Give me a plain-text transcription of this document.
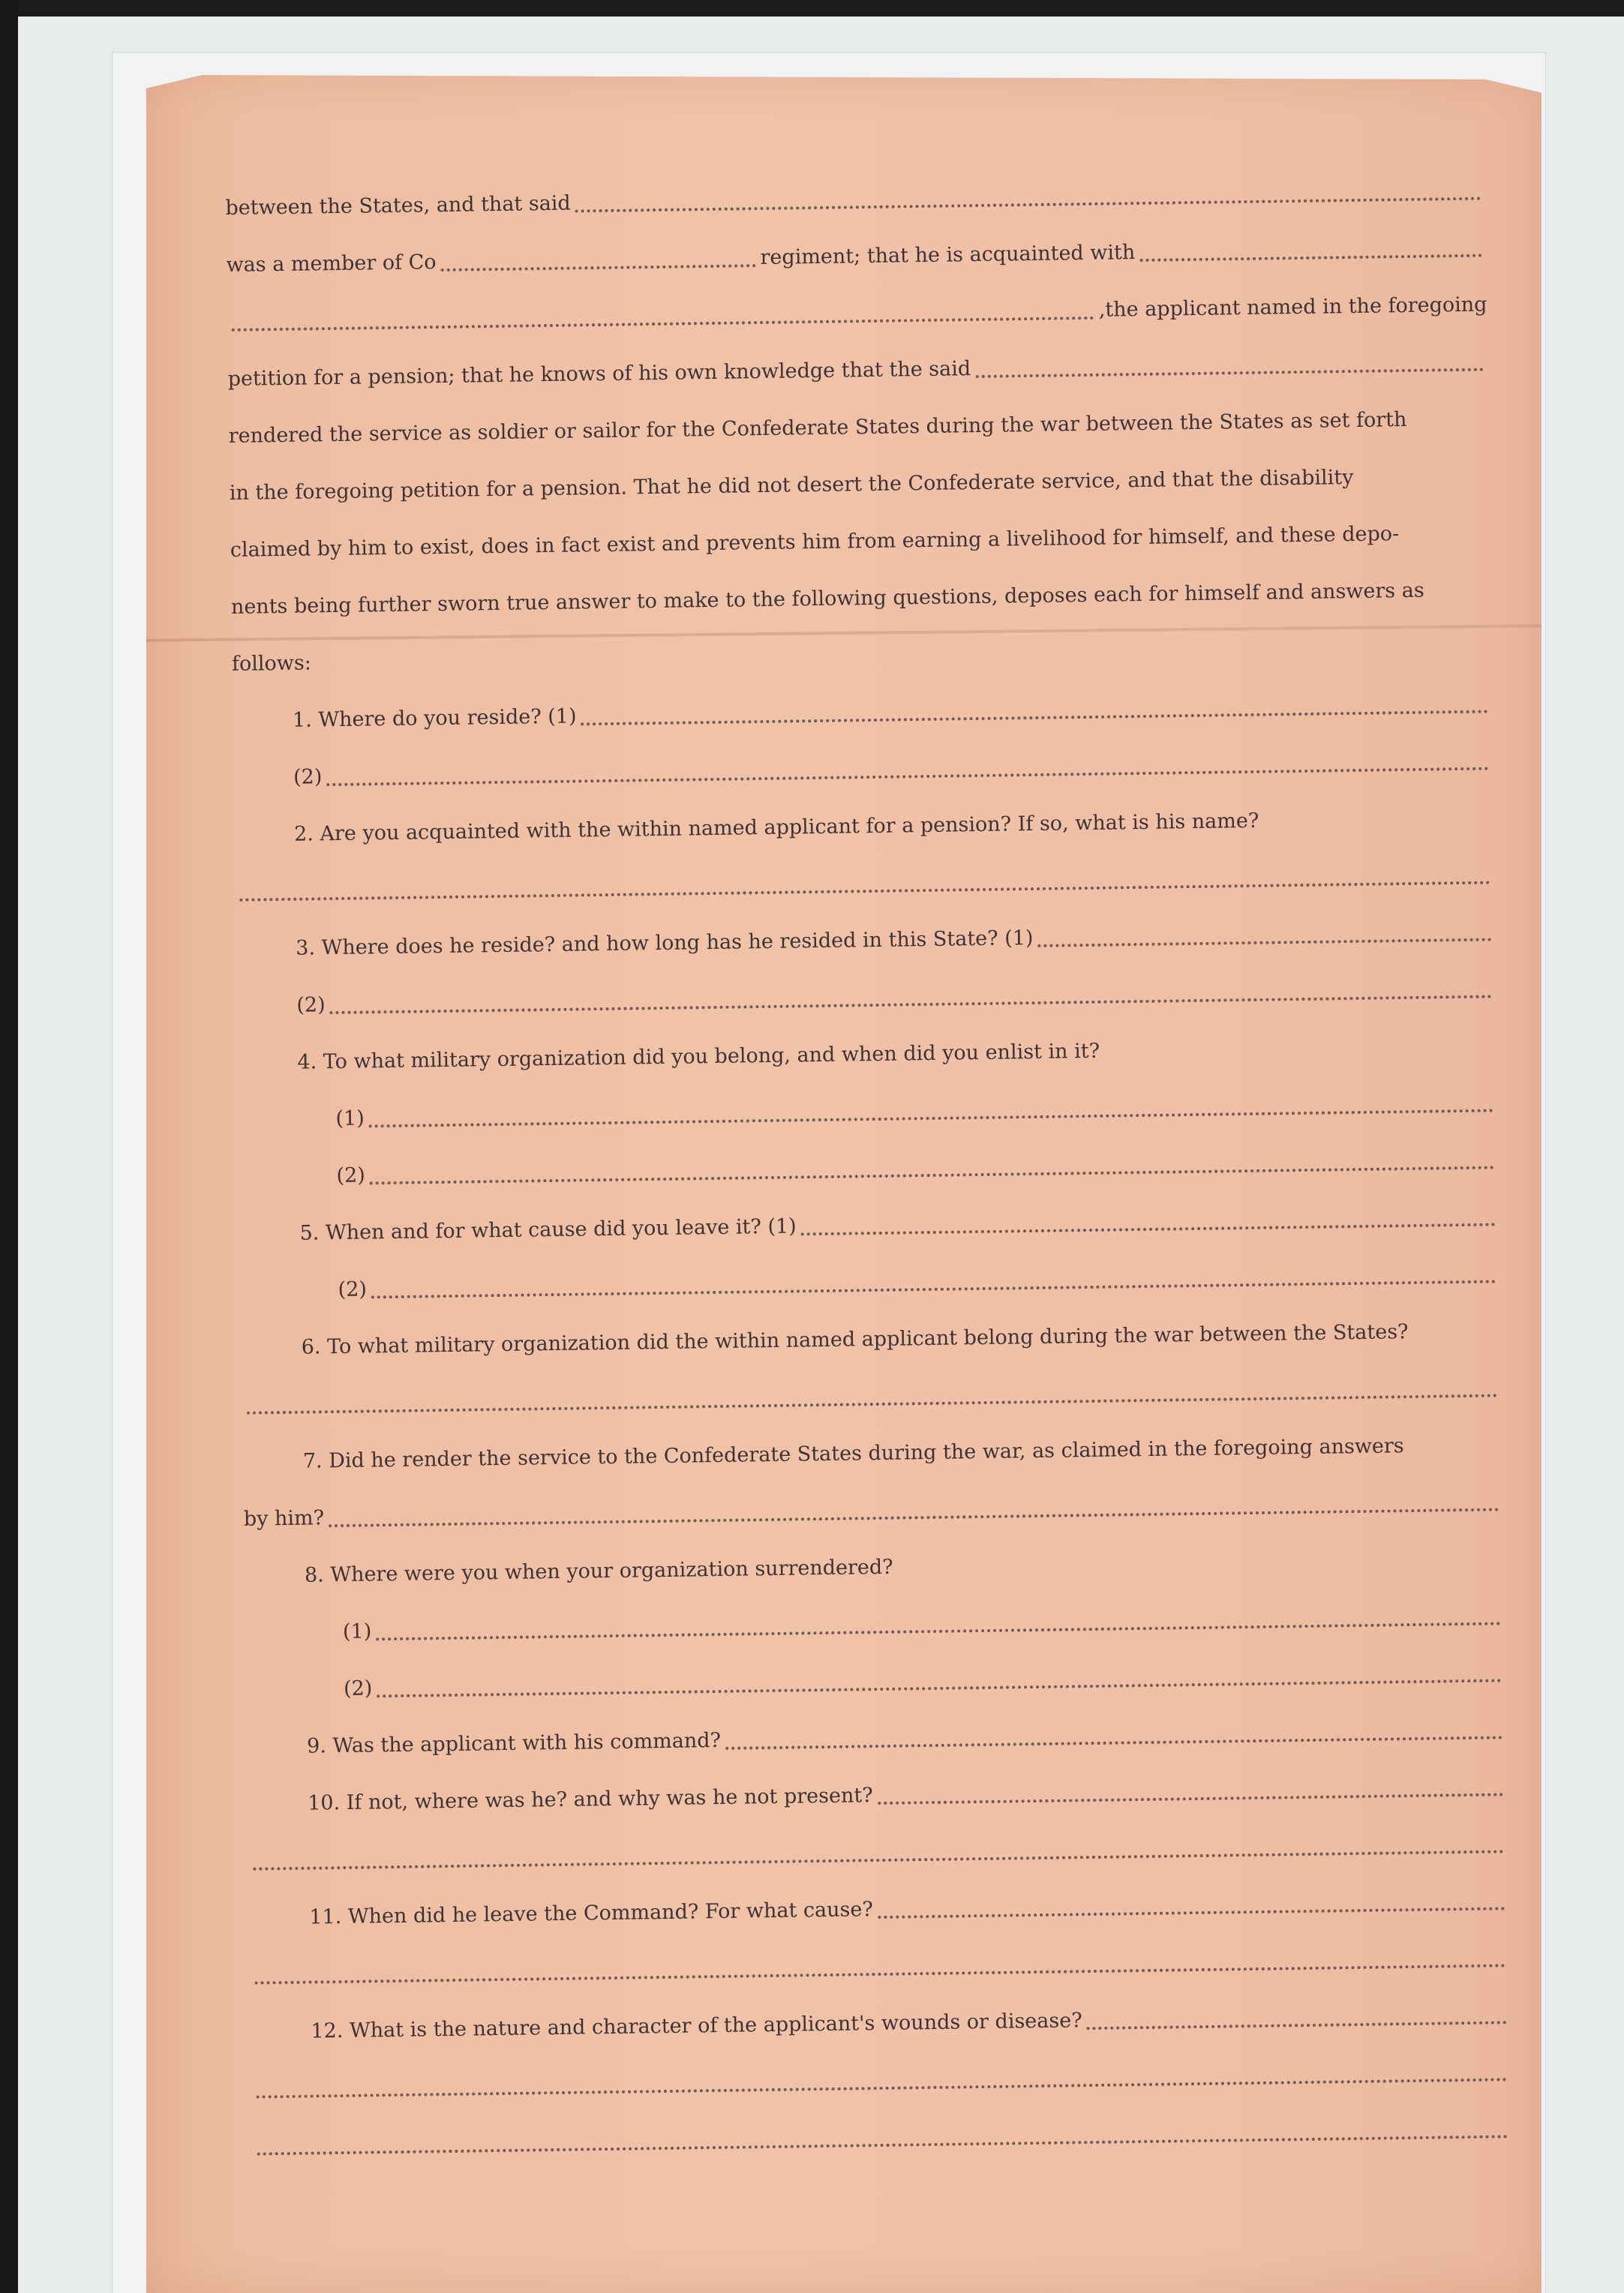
between the States, and that said
was a member of Co	regiment; that he is acquainted with
,the applicant named in the foregoing
petition for a pension; that he knows of his own knowledge that the said
rendered the service as soldier or sailor for the Confederate States during the war between the States as set forth
in the foregoing petition for a pension. That he did not desert the Confederate service, and that the disability
claimed by him to exist, does in fact exist and prevents him from earning a livelihood for himself, and these depo-
nents being further sworn true answer to make to the following questions, deposes each for himself and answers as
follows:
1. Where do you reside? (1)
(2)
2. Are you acquainted with the within named applicant for a pension? If so, what is his name?
3. Where does he reside? and how long has he resided in this State? (1)
(2)
4. To what military organization did you belong, and when did you enlist in it?
(1)
(2)
5. When and for what cause did you leave it? (1)
(2)
6. To what military organization did the within named applicant belong during the war between the States?
7. Did he render the service to the Confederate States during the war, as claimed in the foregoing answers
by him?
8. Where were you when your organization surrendered?
(1)
(2)
9. Was the applicant with his command?
10. If not, where was he? and why was he not present?
11. When did he leave the Command? For what cause?
12. What is the nature and character of the applicant's wounds or disease?
